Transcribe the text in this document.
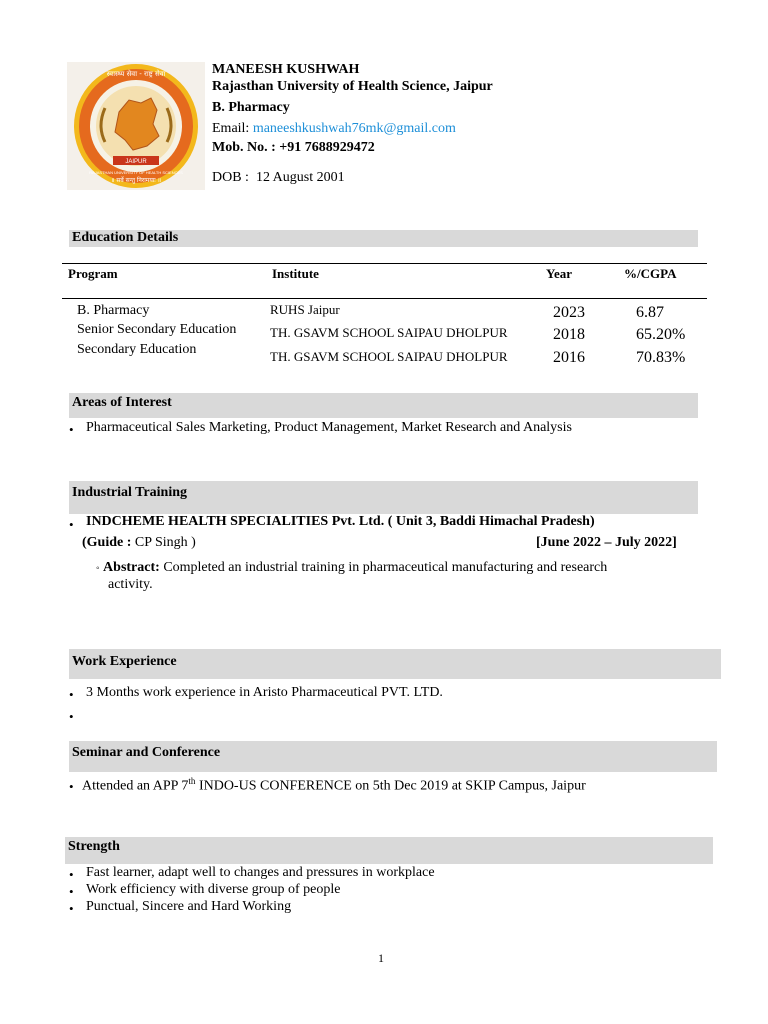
JAIPUR
स्वास्थ्य सेवा - राष्ट्र सेवा
॥ सर्वे सन्तु निरामयाः ॥
RAJASTHAN UNIVERSITY OF HEALTH SCIENCES
MANEESH KUSHWAH
Rajasthan University of Health Science, Jaipur
B. Pharmacy
Email: maneeshkushwah76mk@gmail.com
Mob. No. : +91 7688929472
DOB : 12 August 2001
Education Details
Program	Institute	Year	%/CGPA
B. Pharmacy	RUHS Jaipur	2023	6.87
Senior Secondary Education	TH. GSAVM SCHOOL SAIPAU DHOLPUR	2018	65.20%
Secondary Education	TH. GSAVM SCHOOL SAIPAU DHOLPUR	2016	70.83%
Areas of Interest
• Pharmaceutical Sales Marketing, Product Management, Market Research and Analysis
Industrial Training
• INDCHEME HEALTH SPECIALITIES Pvt. Ltd. ( Unit 3, Baddi Himachal Pradesh)
(Guide : CP Singh )	[June 2022 – July 2022]
◦ Abstract: Completed an industrial training in pharmaceutical manufacturing and research
activity.
Work Experience
• 3 Months work experience in Aristo Pharmaceutical PVT. LTD.
•
Seminar and Conference
• Attended an APP 7th INDO-US CONFERENCE on 5th Dec 2019 at SKIP Campus, Jaipur
Strength
• Fast learner, adapt well to changes and pressures in workplace
• Work efficiency with diverse group of people
• Punctual, Sincere and Hard Working
1
